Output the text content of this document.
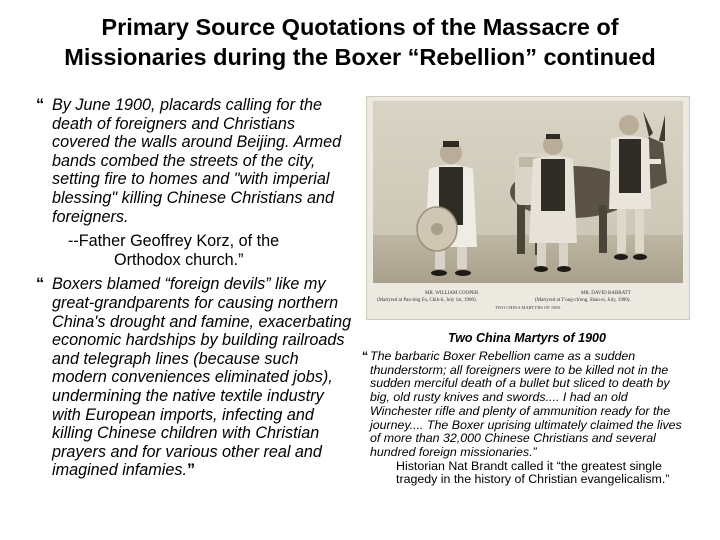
Primary Source Quotations of the Massacre of
Missionaries during the Boxer “Rebellion” continued
“ By June 1900, placards calling for the death of foreigners and Christians covered the walls around Beijing. Armed bands combed the streets of the city, setting fire to homes and "with imperial blessing" killing Chinese Christians and foreigners.
--Father Geoffrey Korz, of the
Orthodox church.”
“ Boxers blamed “foreign devils” like my great-grandparents for causing northern China's drought and famine, exacerbating economic hardships by building railroads and telegraph lines (because such modern conveniences eliminated jobs), undermining the native textile industry with European imports, infecting and killing Chinese children with Christian prayers and for various other real and imagined infamies.”
MR. WILLIAM COOPER
(Martyred at Pao-ting Fu, Chih-li, July 1st, 1900).
MR. DAVID BARRATT
(Martyred at T'ong-ch'eng, Shan-si, July, 1900).
TWO CHINA MARTYRS OF 1900.
Two China Martyrs of 1900
“ The barbaric Boxer Rebellion came as a sudden thunderstorm; all foreigners were to be killed not in the sudden merciful death of a bullet but sliced to death by big, old rusty knives and swords.... I had an old Winchester rifle and plenty of ammunition ready for the journey.... The Boxer uprising ultimately claimed the lives of more than 32,000 Chinese Christians and several hundred foreign missionaries.”
Historian Nat Brandt called it “the greatest single tragedy in the history of Christian evangelicalism.”
